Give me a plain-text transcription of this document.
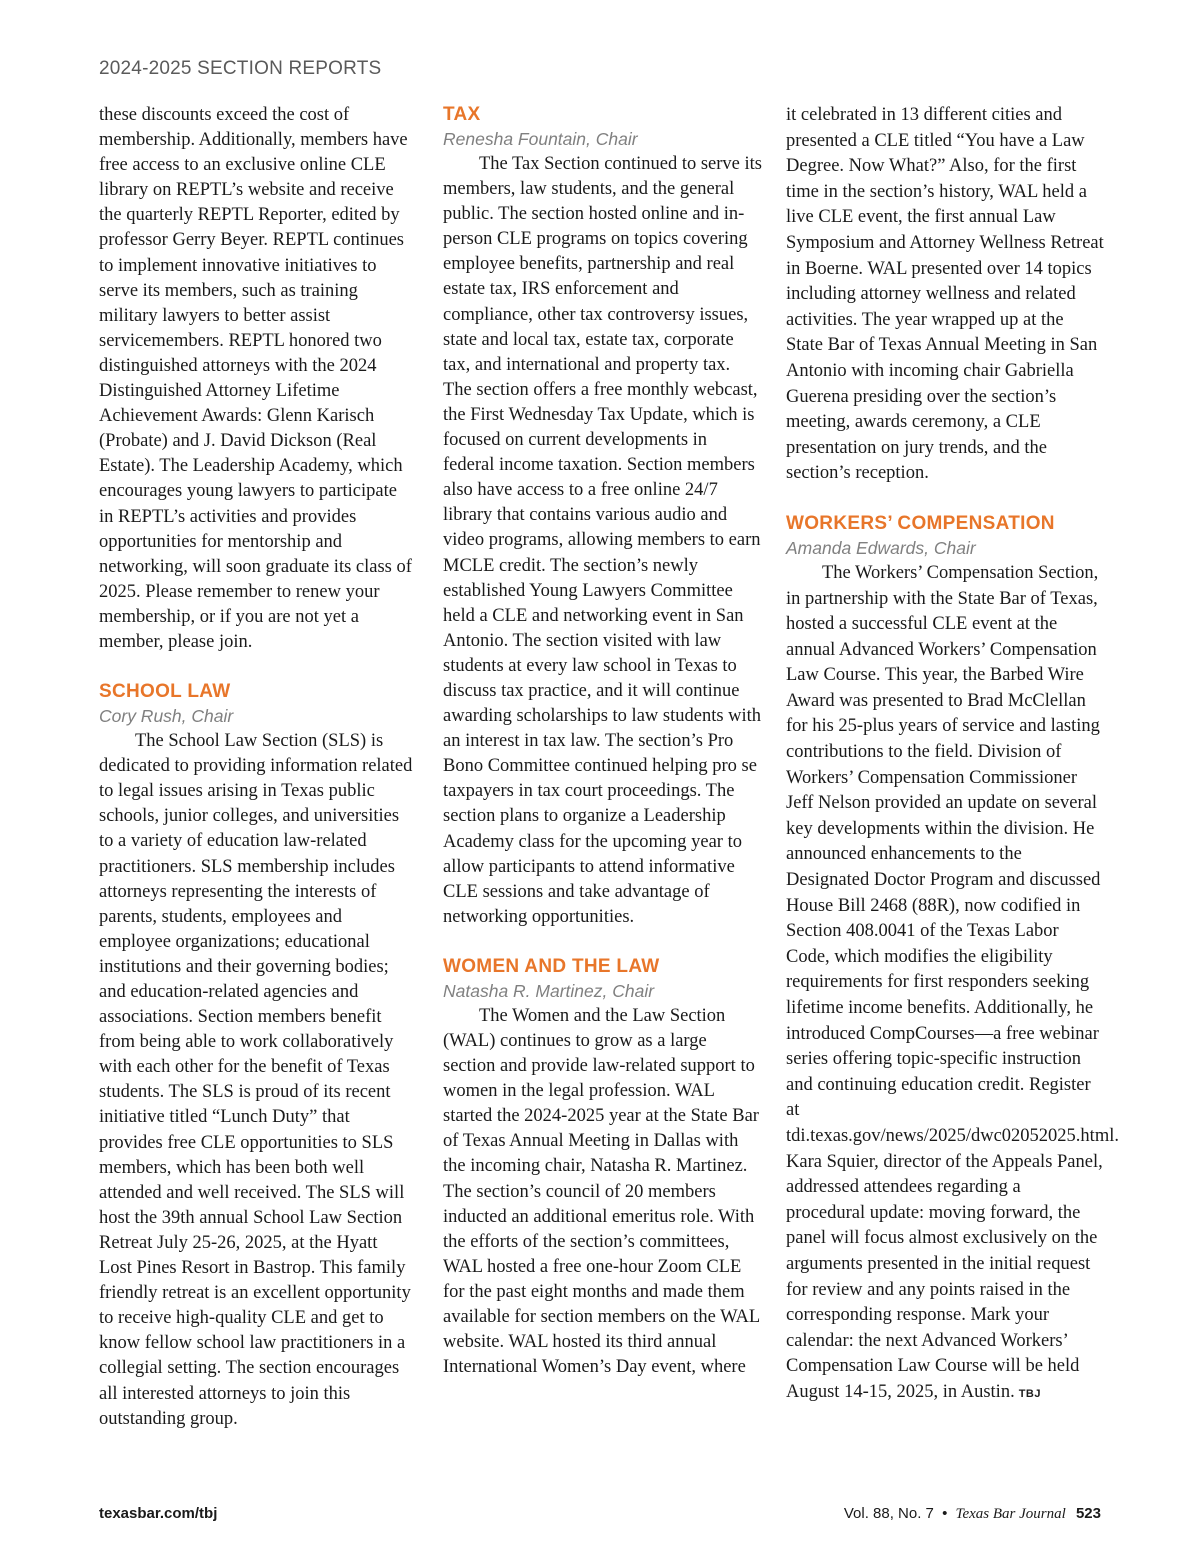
2024-2025 SECTION REPORTS

these discounts exceed the cost of membership. Additionally, members have free access to an exclusive online CLE library on REPTL’s website and receive the quarterly REPTL Reporter, edited by professor Gerry Beyer. REPTL continues to implement innovative initiatives to serve its members, such as training military lawyers to better assist servicemembers. REPTL honored two distinguished attorneys with the 2024 Distinguished Attorney Lifetime Achievement Awards: Glenn Karisch (Probate) and J. David Dickson (Real Estate). The Leadership Academy, which encourages young lawyers to participate in REPTL’s activities and provides opportunities for mentorship and networking, will soon graduate its class of 2025. Please remember to renew your membership, or if you are not yet a member, please join.

SCHOOL LAW

Cory Rush, Chair

The School Law Section (SLS) is dedicated to providing information related to legal issues arising in Texas public schools, junior colleges, and universities to a variety of education law-related practitioners. SLS membership includes attorneys representing the interests of parents, students, employees and employee organizations; educational institutions and their governing bodies; and education-related agencies and associations. Section members benefit from being able to work collaboratively with each other for the benefit of Texas students. The SLS is proud of its recent initiative titled “Lunch Duty” that provides free CLE opportunities to SLS members, which has been both well attended and well received. The SLS will host the 39th annual School Law Section Retreat July 25-26, 2025, at the Hyatt Lost Pines Resort in Bastrop. This family friendly retreat is an excellent opportunity to receive high-quality CLE and get to know fellow school law practitioners in a collegial setting. The section encourages all interested attorneys to join this outstanding group.

TAX

Renesha Fountain, Chair

The Tax Section continued to serve its members, law students, and the general public. The section hosted online and in-person CLE programs on topics covering employee benefits, partnership and real estate tax, IRS enforcement and compliance, other tax controversy issues, state and local tax, estate tax, corporate tax, and international and property tax. The section offers a free monthly webcast, the First Wednesday Tax Update, which is focused on current developments in federal income taxation. Section members also have access to a free online 24/7 library that contains various audio and video programs, allowing members to earn MCLE credit. The section’s newly established Young Lawyers Committee held a CLE and networking event in San Antonio. The section visited with law students at every law school in Texas to discuss tax practice, and it will continue awarding scholarships to law students with an interest in tax law. The section’s Pro Bono Committee continued helping pro se taxpayers in tax court proceedings. The section plans to organize a Leadership Academy class for the upcoming year to allow participants to attend informative CLE sessions and take advantage of networking opportunities.

WOMEN AND THE LAW

Natasha R. Martinez, Chair

The Women and the Law Section (WAL) continues to grow as a large section and provide law-related support to women in the legal profession. WAL started the 2024-2025 year at the State Bar of Texas Annual Meeting in Dallas with the incoming chair, Natasha R. Martinez. The section’s council of 20 members inducted an additional emeritus role. With the efforts of the section’s committees, WAL hosted a free one-hour Zoom CLE for the past eight months and made them available for section members on the WAL website. WAL hosted its third annual International Women’s Day event, where

it celebrated in 13 different cities and presented a CLE titled “You have a Law Degree. Now What?” Also, for the first time in the section’s history, WAL held a live CLE event, the first annual Law Symposium and Attorney Wellness Retreat in Boerne. WAL presented over 14 topics including attorney wellness and related activities. The year wrapped up at the State Bar of Texas Annual Meeting in San Antonio with incoming chair Gabriella Guerena presiding over the section’s meeting, awards ceremony, a CLE presentation on jury trends, and the section’s reception.

WORKERS’ COMPENSATION

Amanda Edwards, Chair

The Workers’ Compensation Section, in partnership with the State Bar of Texas, hosted a successful CLE event at the annual Advanced Workers’ Compensation Law Course. This year, the Barbed Wire Award was presented to Brad McClellan for his 25-plus years of service and lasting contributions to the field. Division of Workers’ Compensation Commissioner Jeff Nelson provided an update on several key developments within the division. He announced enhancements to the Designated Doctor Program and discussed House Bill 2468 (88R), now codified in Section 408.0041 of the Texas Labor Code, which modifies the eligibility requirements for first responders seeking lifetime income benefits. Additionally, he introduced CompCourses—a free webinar series offering topic-specific instruction and continuing education credit. Register at tdi.texas.gov/news/2025/dwc02052025.html. Kara Squier, director of the Appeals Panel, addressed attendees regarding a procedural update: moving forward, the panel will focus almost exclusively on the arguments presented in the initial request for review and any points raised in the corresponding response. Mark your calendar: the next Advanced Workers’ Compensation Law Course will be held August 14-15, 2025, in Austin. TBJ

texasbar.com/tbj	Vol. 88, No. 7 • Texas Bar Journal 523
